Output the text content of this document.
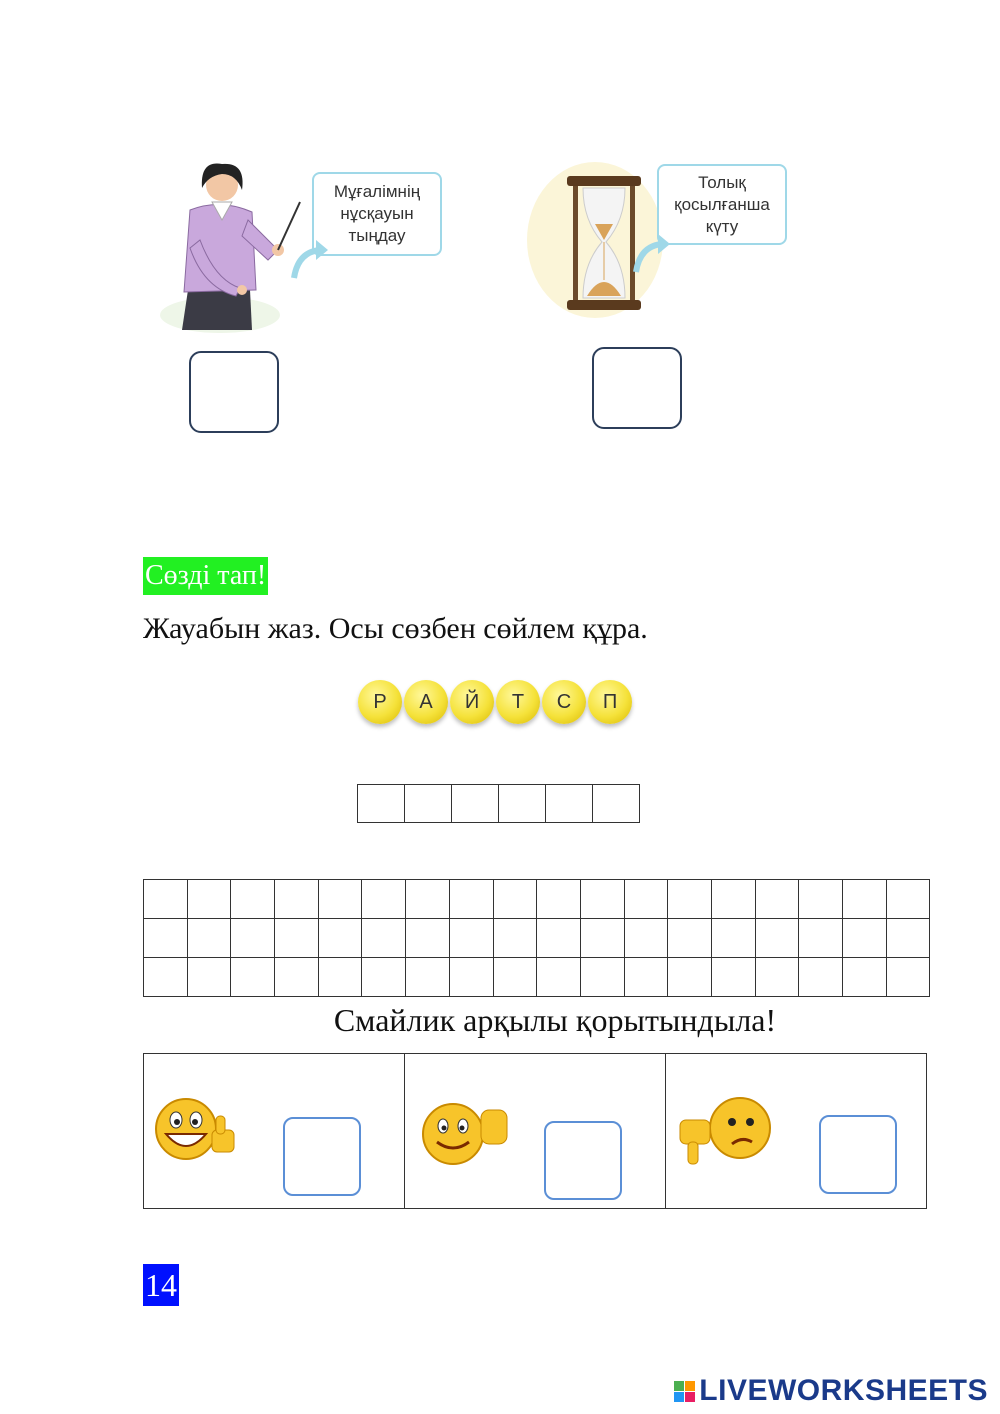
Мұғалімнің нұсқауын тыңдау
Толық қосылғанша күту
Сөзді тап!
Жауабын жаз. Осы сөзбен сөйлем құра.
Р	А	Й	Т	С	П

Смайлик арқылы қорытындыла!

14
LIVEWORKSHEETS
